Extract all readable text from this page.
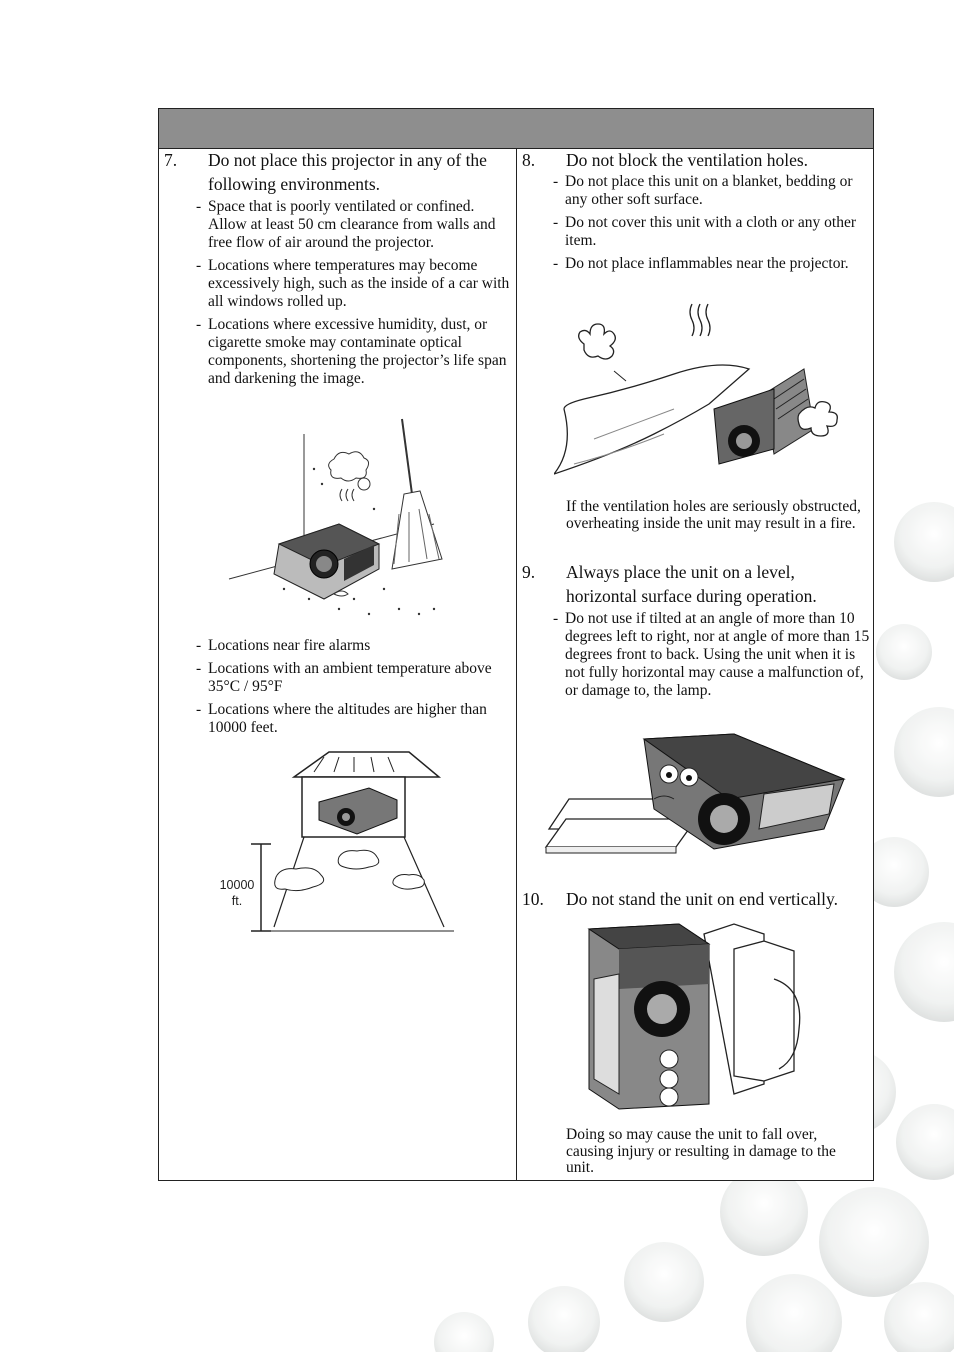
7. Do not place this projector in any of the
following environments.
- Space that is poorly ventilated or confined. Allow at least 50 cm clearance from walls and free flow of air around the projector.
- Locations where temperatures may become excessively high, such as the inside of a car with all windows rolled up.
- Locations where excessive humidity, dust, or cigarette smoke may contaminate optical components, shortening the projector’s life span and darkening the image.
- Locations near fire alarms
- Locations with an ambient temperature above 35°C / 95°F
- Locations where the altitudes are higher than 10000 feet.
10000
ft.
8. Do not block the ventilation holes.
- Do not place this unit on a blanket, bedding or any other soft surface.
- Do not cover this unit with a cloth or any other item.
- Do not place inflammables near the projector.
If the ventilation holes are seriously obstructed, overheating inside the unit may result in a fire.
9. Always place the unit on a level,
horizontal surface during operation.
- Do not use if tilted at an angle of more than 10 degrees left to right, nor at angle of more than 15 degrees front to back. Using the unit when it is not fully horizontal may cause a malfunction of, or damage to, the lamp.
10. Do not stand the unit on end vertically.
Doing so may cause the unit to fall over, causing injury or resulting in damage to the unit.
